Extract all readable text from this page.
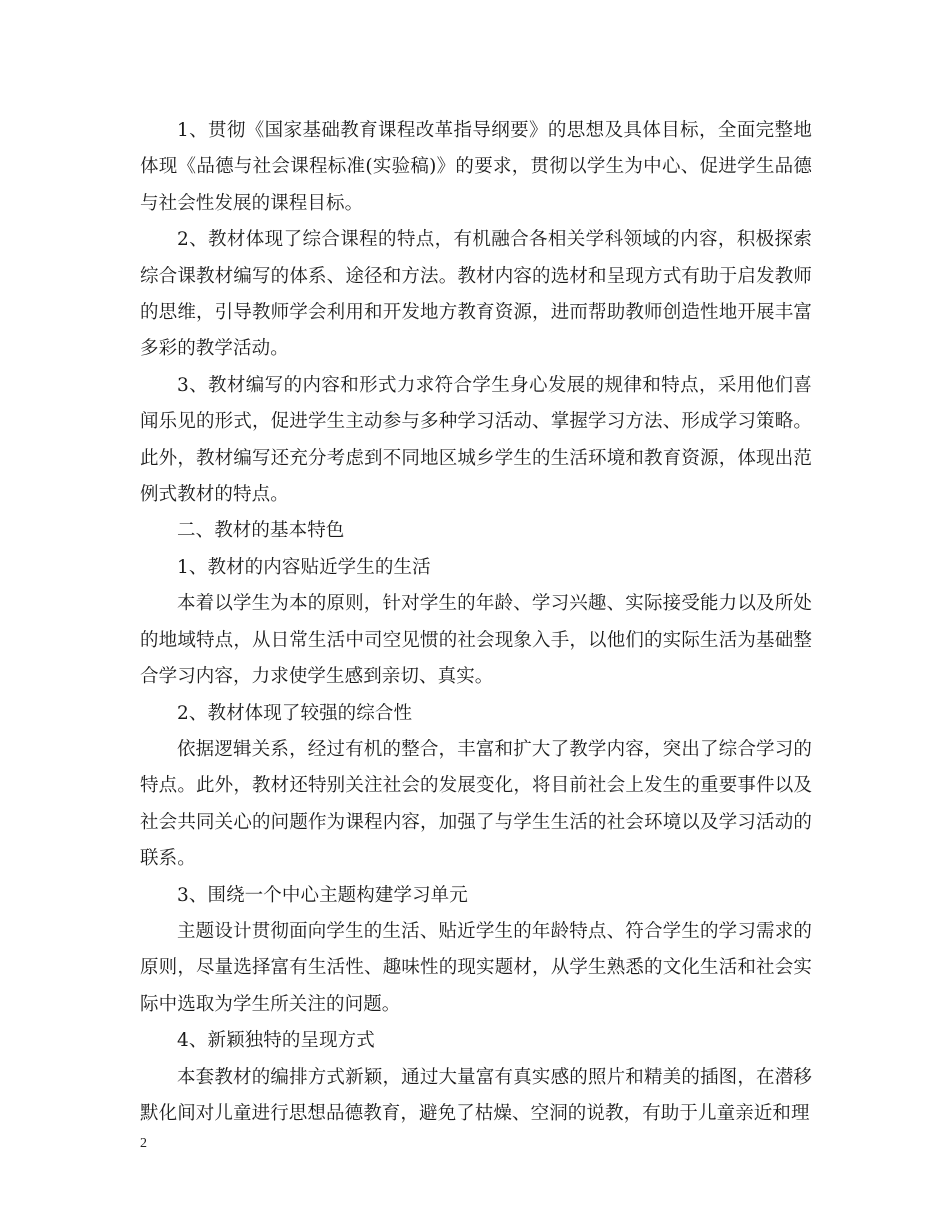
1、贯彻《国家基础教育课程改革指导纲要》的思想及具体目标，全面完整地体现《品德与社会课程标准(实验稿)》的要求，贯彻以学生为中心、促进学生品德与社会性发展的课程目标。

2、教材体现了综合课程的特点，有机融合各相关学科领域的内容，积极探索综合课教材编写的体系、途径和方法。教材内容的选材和呈现方式有助于启发教师的思维，引导教师学会利用和开发地方教育资源，进而帮助教师创造性地开展丰富多彩的教学活动。

3、教材编写的内容和形式力求符合学生身心发展的规律和特点，采用他们喜闻乐见的形式，促进学生主动参与多种学习活动、掌握学习方法、形成学习策略。此外，教材编写还充分考虑到不同地区城乡学生的生活环境和教育资源，体现出范例式教材的特点。

二、教材的基本特色

1、教材的内容贴近学生的生活

本着以学生为本的原则，针对学生的年龄、学习兴趣、实际接受能力以及所处的地域特点，从日常生活中司空见惯的社会现象入手，以他们的实际生活为基础整合学习内容，力求使学生感到亲切、真实。

2、教材体现了较强的综合性

依据逻辑关系，经过有机的整合，丰富和扩大了教学内容，突出了综合学习的特点。此外，教材还特别关注社会的发展变化，将目前社会上发生的重要事件以及社会共同关心的问题作为课程内容，加强了与学生生活的社会环境以及学习活动的联系。

3、围绕一个中心主题构建学习单元

主题设计贯彻面向学生的生活、贴近学生的年龄特点、符合学生的学习需求的原则，尽量选择富有生活性、趣味性的现实题材，从学生熟悉的文化生活和社会实际中选取为学生所关注的问题。

4、新颖独特的呈现方式

本套教材的编排方式新颖，通过大量富有真实感的照片和精美的插图，在潜移默化间对儿童进行思想品德教育，避免了枯燥、空洞的说教，有助于儿童亲近和理

2
